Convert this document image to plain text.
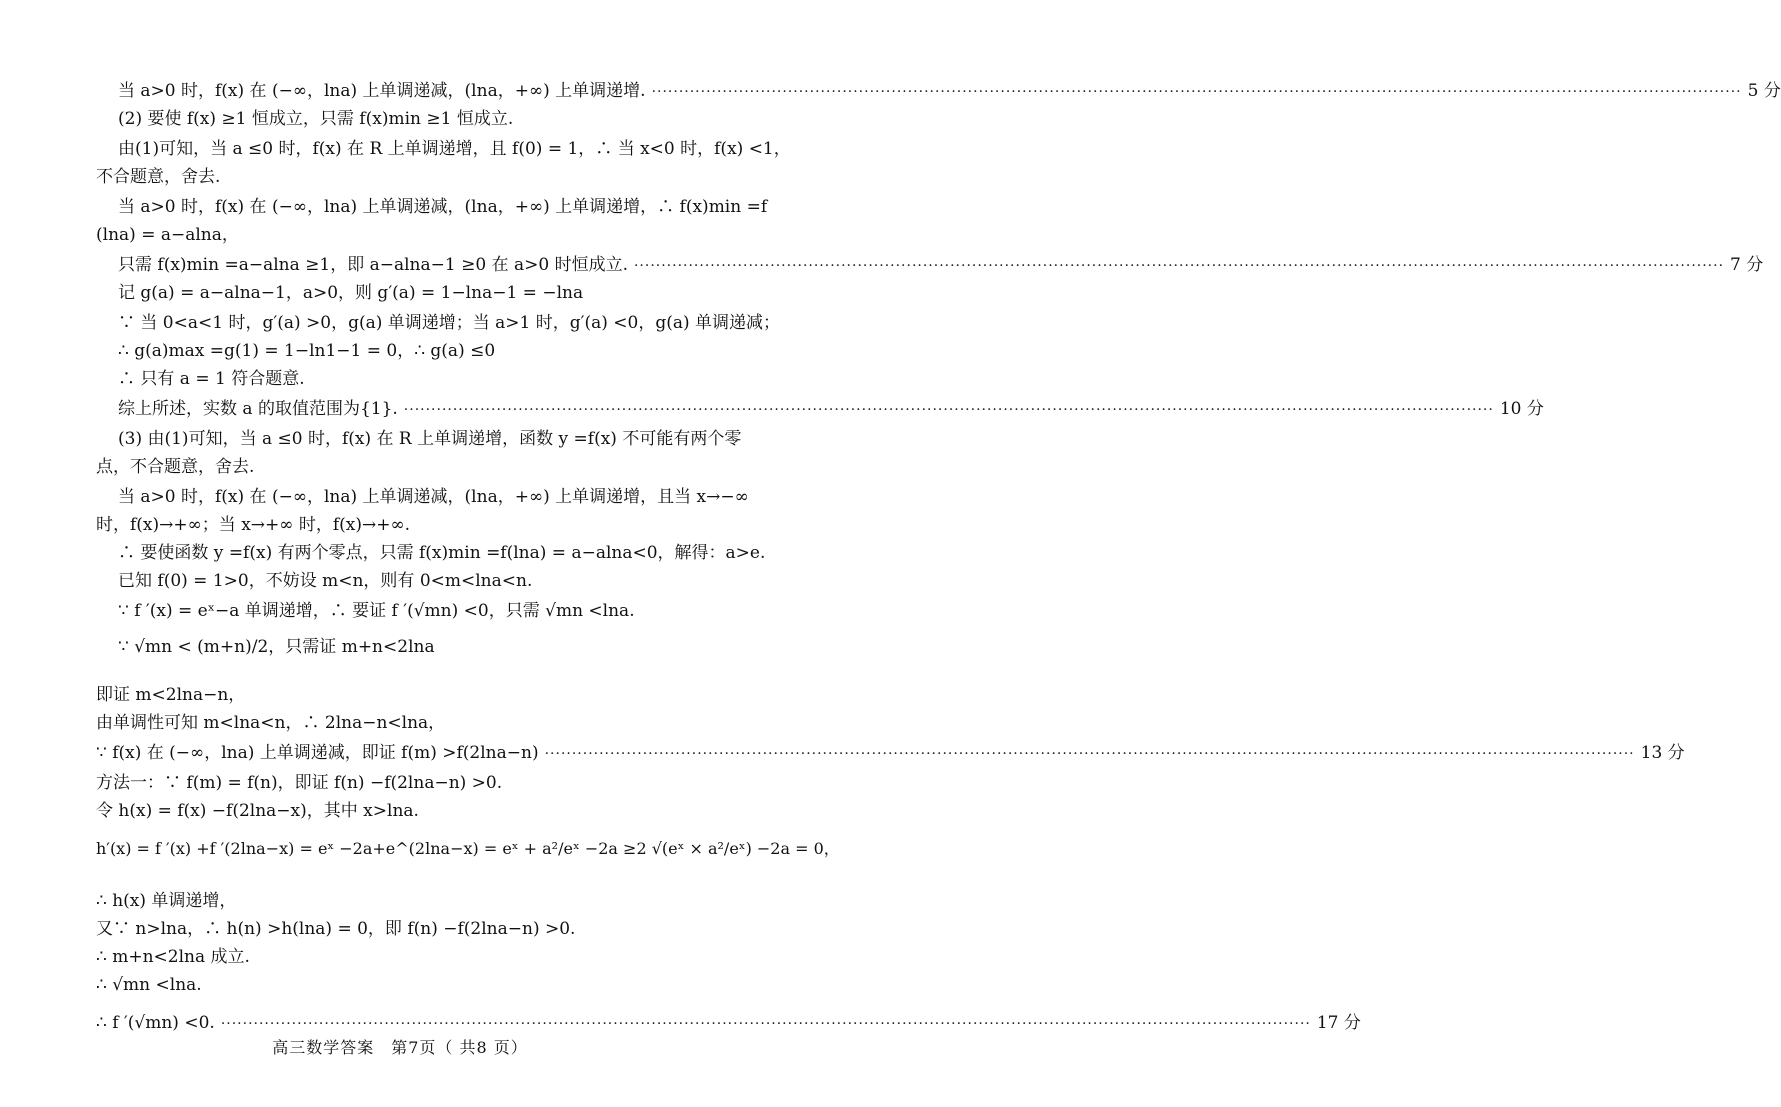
当 a>0 时，f(x) 在 (−∞，lna) 上单调递减，(lna，+∞) 上单调递增. ········································································································································································································ 5 分
(2) 要使 f(x) ≥1 恒成立，只需 f(x)min ≥1 恒成立.
由(1)可知，当 a ≤0 时，f(x) 在 R 上单调递增，且 f(0) = 1，∴ 当 x<0 时，f(x) <1，
不合题意，舍去.
当 a>0 时，f(x) 在 (−∞，lna) 上单调递减，(lna，+∞) 上单调递增，∴ f(x)min =f
(lna) = a−alna，
只需 f(x)min =a−alna ≥1，即 a−alna−1 ≥0 在 a>0 时恒成立. ········································································································································································································ 7 分
记 g(a) = a−alna−1，a>0，则 g′(a) = 1−lna−1 = −lna
∵ 当 0<a<1 时，g′(a) >0，g(a) 单调递增；当 a>1 时，g′(a) <0，g(a) 单调递减；
∴ g(a)max =g(1) = 1−ln1−1 = 0，∴ g(a) ≤0
∴ 只有 a = 1 符合题意.
综上所述，实数 a 的取值范围为{1}. ········································································································································································································ 10 分
(3) 由(1)可知，当 a ≤0 时，f(x) 在 R 上单调递增，函数 y =f(x) 不可能有两个零
点，不合题意，舍去.
当 a>0 时，f(x) 在 (−∞，lna) 上单调递减，(lna，+∞) 上单调递增，且当 x→−∞
时，f(x)→+∞；当 x→+∞ 时，f(x)→+∞.
∴ 要使函数 y =f(x) 有两个零点，只需 f(x)min =f(lna) = a−alna<0，解得：a>e.
已知 f(0) = 1>0，不妨设 m<n，则有 0<m<lna<n.
∵ f ′(x) = eˣ−a 单调递增，∴ 要证 f ′(√mn) <0，只需 √mn <lna.
∵ √mn < (m+n)/2，只需证 m+n<2lna
即证 m<2lna−n，
由单调性可知 m<lna<n，∴ 2lna−n<lna，
∵ f(x) 在 (−∞，lna) 上单调递减，即证 f(m) >f(2lna−n) ········································································································································································································ 13 分
方法一：∵ f(m) = f(n)，即证 f(n) −f(2lna−n) >0.
令 h(x) = f(x) −f(2lna−x)，其中 x>lna.
h′(x) = f ′(x) +f ′(2lna−x) = eˣ −2a+e^(2lna−x) = eˣ + a²/eˣ −2a ≥2 √(eˣ × a²/eˣ) −2a = 0，
∴ h(x) 单调递增，
又∵ n>lna，∴ h(n) >h(lna) = 0，即 f(n) −f(2lna−n) >0.
∴ m+n<2lna 成立.
∴ √mn <lna.
∴ f ′(√mn) <0. ········································································································································································································ 17 分
高三数学答案　第7页（ 共8 页）
